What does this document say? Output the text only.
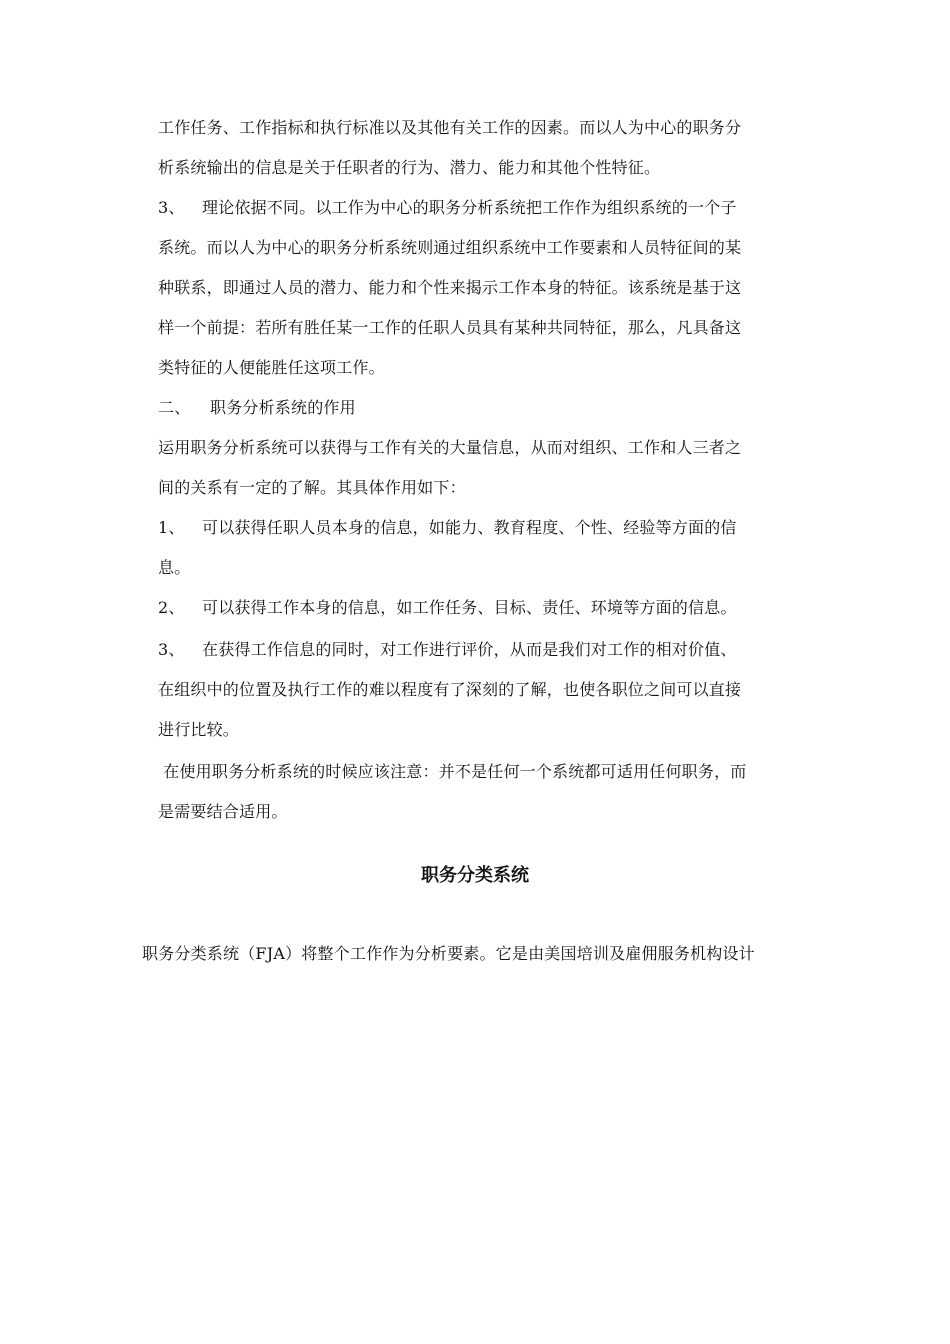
工作任务、工作指标和执行标准以及其他有关工作的因素。而以人为中心的职务分
析系统输出的信息是关于任职者的行为、潜力、能力和其他个性特征。
3、 理论依据不同。以工作为中心的职务分析系统把工作作为组织系统的一个子
系统。而以人为中心的职务分析系统则通过组织系统中工作要素和人员特征间的某
种联系，即通过人员的潜力、能力和个性来揭示工作本身的特征。该系统是基于这
样一个前提：若所有胜任某一工作的任职人员具有某种共同特征，那么，凡具备这
类特征的人便能胜任这项工作。
二、 职务分析系统的作用
运用职务分析系统可以获得与工作有关的大量信息，从而对组织、工作和人三者之
间的关系有一定的了解。其具体作用如下：
1、 可以获得任职人员本身的信息，如能力、教育程度、个性、经验等方面的信
息。
2、 可以获得工作本身的信息，如工作任务、目标、责任、环境等方面的信息。
3、 在获得工作信息的同时，对工作进行评价，从而是我们对工作的相对价值、
在组织中的位置及执行工作的难以程度有了深刻的了解，也使各职位之间可以直接
进行比较。
在使用职务分析系统的时候应该注意：并不是任何一个系统都可适用任何职务，而
是需要结合适用。
职务分类系统
职务分类系统（FJA）将整个工作作为分析要素。它是由美国培训及雇佣服务机构设计
